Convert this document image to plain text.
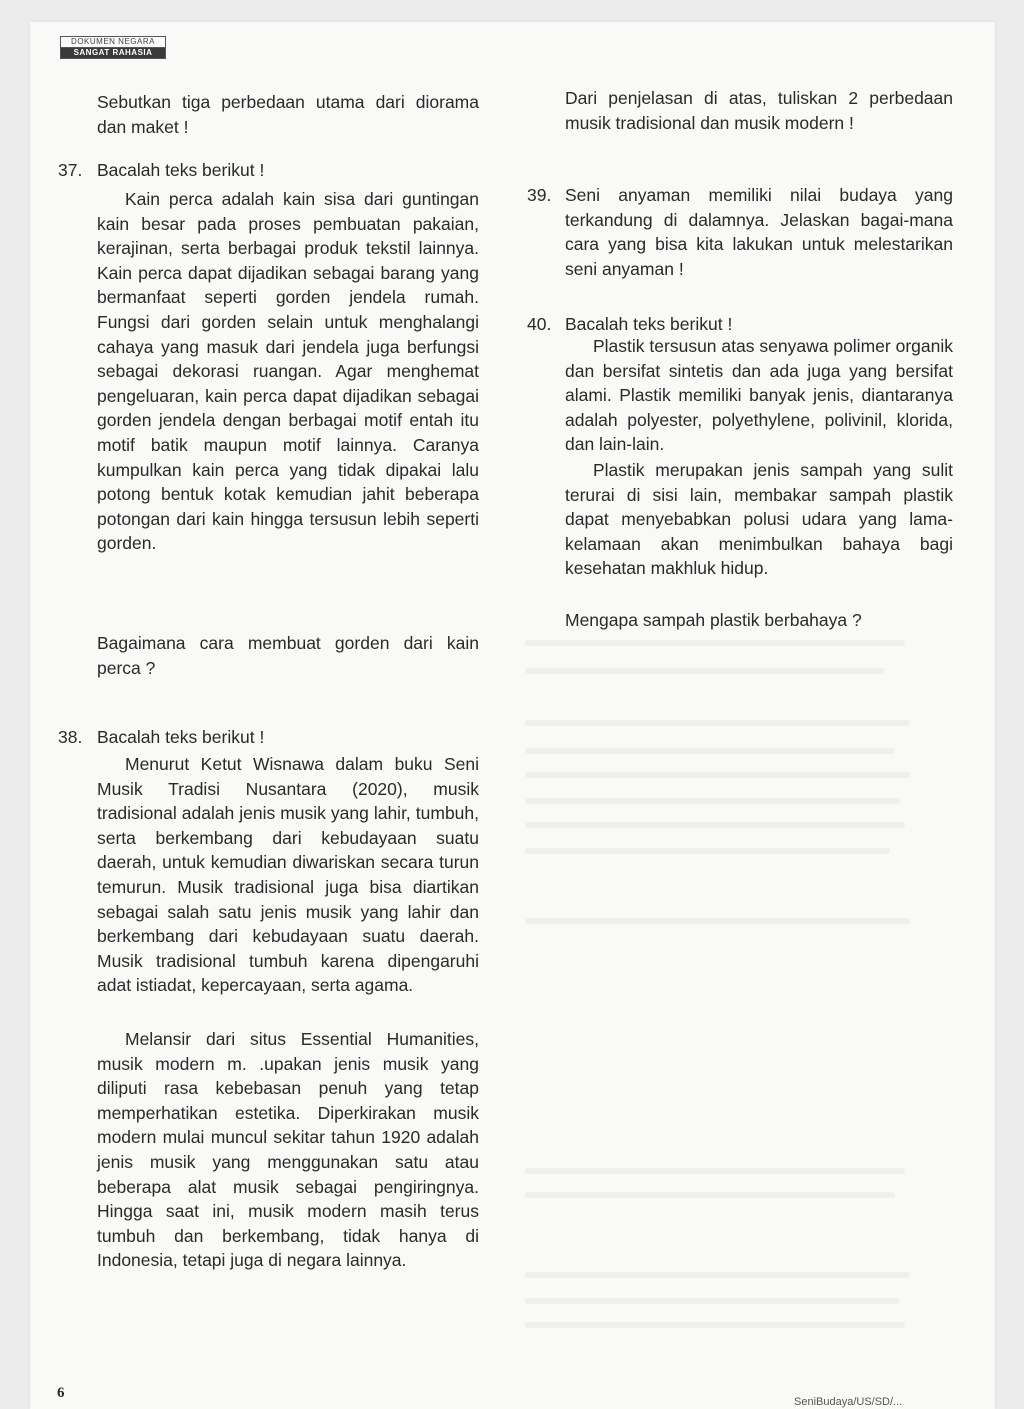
DOKUMEN NEGARA
SANGAT RAHASIA
Sebutkan tiga perbedaan utama dari diorama dan maket !
37. Bacalah teks berikut !
Kain perca adalah kain sisa dari guntingan kain besar pada proses pembuatan pakaian, kerajinan, serta berbagai produk tekstil lainnya. Kain perca dapat dijadikan sebagai barang yang bermanfaat seperti gorden jendela rumah. Fungsi dari gorden selain untuk menghalangi cahaya yang masuk dari jendela juga berfungsi sebagai dekorasi ruangan. Agar menghemat pengeluaran, kain perca dapat dijadikan sebagai gorden jendela dengan berbagai motif entah itu motif batik maupun motif lainnya. Caranya kumpulkan kain perca yang tidak dipakai lalu potong bentuk kotak kemudian jahit beberapa potongan dari kain hingga tersusun lebih seperti gorden.
Bagaimana cara membuat gorden dari kain perca ?
38. Bacalah teks berikut !
Menurut Ketut Wisnawa dalam buku Seni Musik Tradisi Nusantara (2020), musik tradisional adalah jenis musik yang lahir, tumbuh, serta berkembang dari kebudayaan suatu daerah, untuk kemudian diwariskan secara turun temurun. Musik tradisional juga bisa diartikan sebagai salah satu jenis musik yang lahir dan berkembang dari kebudayaan suatu daerah. Musik tradisional tumbuh karena dipengaruhi adat istiadat, kepercayaan, serta agama.
Melansir dari situs Essential Humanities, musik modern m. .upakan jenis musik yang diliputi rasa kebebasan penuh yang tetap memperhatikan estetika. Diperkirakan musik modern mulai muncul sekitar tahun 1920 adalah jenis musik yang menggunakan satu atau beberapa alat musik sebagai pengiringnya. Hingga saat ini, musik modern masih terus tumbuh dan berkembang, tidak hanya di Indonesia, tetapi juga di negara lainnya.
Dari penjelasan di atas, tuliskan 2 perbedaan musik tradisional dan musik modern !
39. Seni anyaman memiliki nilai budaya yang terkandung di dalamnya. Jelaskan bagai-mana cara yang bisa kita lakukan untuk melestarikan seni anyaman !
40. Bacalah teks berikut !
Plastik tersusun atas senyawa polimer organik dan bersifat sintetis dan ada juga yang bersifat alami. Plastik memiliki banyak jenis, diantaranya adalah polyester, polyethylene, polivinil, klorida, dan lain-lain.
Plastik merupakan jenis sampah yang sulit terurai di sisi lain, membakar sampah plastik dapat menyebabkan polusi udara yang lama-kelamaan akan menimbulkan bahaya bagi kesehatan makhluk hidup.
Mengapa sampah plastik berbahaya ?
6
SeniBudaya/US/SD/...
